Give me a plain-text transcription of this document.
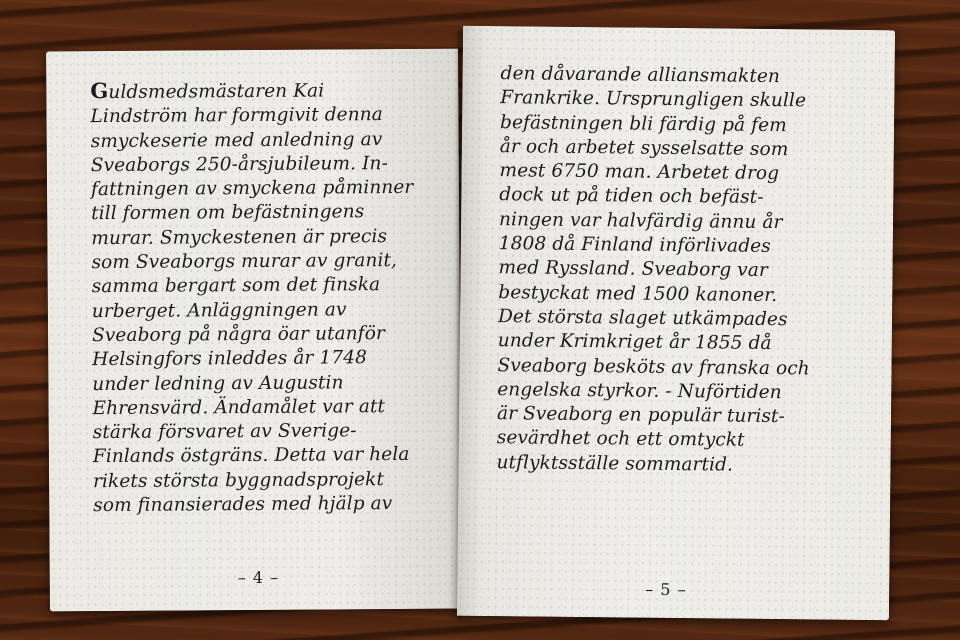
Guldsmedsmästaren Kai
Lindström har formgivit denna
smyckeserie med anledning av
Sveaborgs 250-årsjubileum. In-
fattningen av smyckena påminner
till formen om befästningens
murar. Smyckestenen är precis
som Sveaborgs murar av granit,
samma bergart som det finska
urberget. Anläggningen av
Sveaborg på några öar utanför
Helsingfors inleddes år 1748
under ledning av Augustin
Ehrensvärd. Ändamålet var att
stärka försvaret av Sverige-
Finlands östgräns. Detta var hela
rikets största byggnadsprojekt
som finansierades med hjälp av
– 4 –
den dåvarande alliansmakten
Frankrike. Ursprungligen skulle
befästningen bli färdig på fem
år och arbetet sysselsatte som
mest 6750 man. Arbetet drog
dock ut på tiden och befäst-
ningen var halvfärdig ännu år
1808 då Finland införlivades
med Ryssland. Sveaborg var
bestyckat med 1500 kanoner.
Det största slaget utkämpades
under Krimkriget år 1855 då
Sveaborg besköts av franska och
engelska styrkor. - Nuförtiden
är Sveaborg en populär turist-
sevärdhet och ett omtyckt
utflyktsställe sommartid.
– 5 –
